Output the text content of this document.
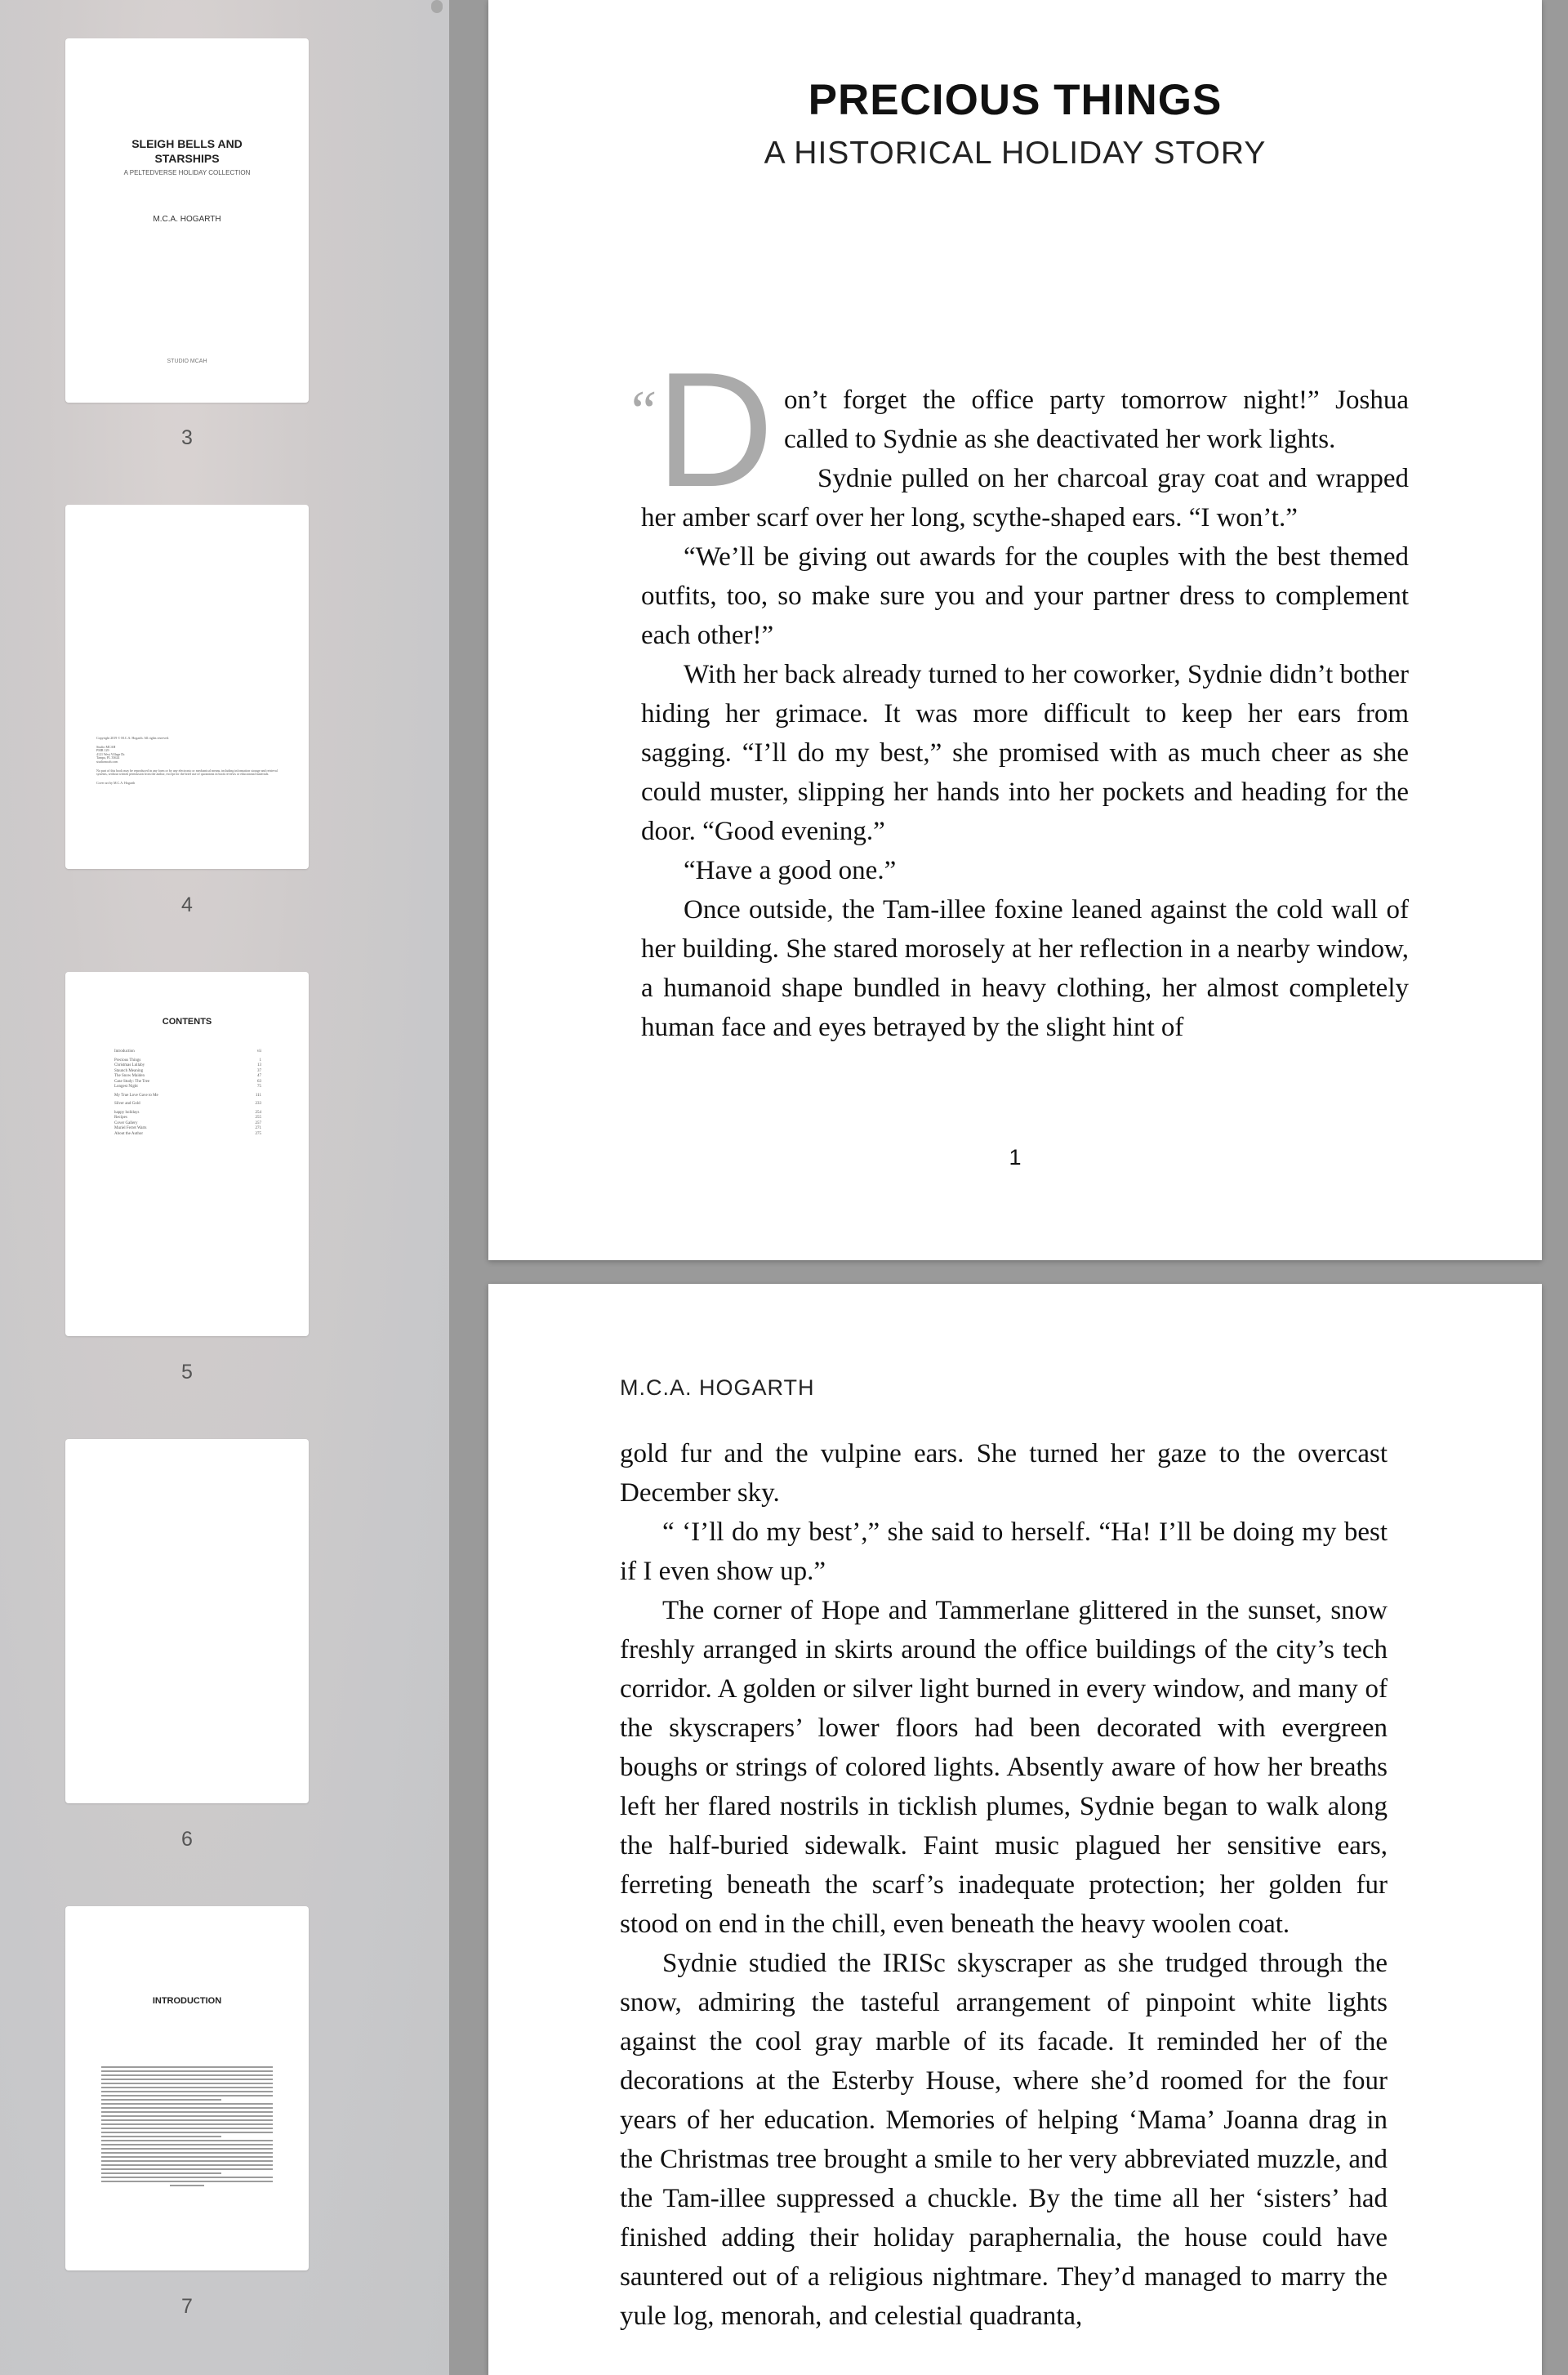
SLEIGH BELLS AND
STARSHIPS
A PELTEDVERSE HOLIDAY COLLECTION
M.C.A. HOGARTH
STUDIO MCAH
3
Copyright 2019 © M.C.A. Hogarth. All rights reserved.
Studio MCAH
PMB 129
4121 West Village Dr.
Tampa, FL 33624
studiomcah.com
No part of this book may be reproduced in any form or by any electronic or mechanical means, including information storage and retrieval systems, without written permission from the author, except for the brief use of quotations in book reviews or educational materials.
Cover art by M.C.A. Hogarth
4
CONTENTS
Introduction	vii
Precious Things	1
Christmas Lullaby	13
Staunch Meaning	37
The Snow Maiden	47
Case Study: The Tree	63
Longest Night	75
My True Love Gave to Me	111
Silver and Gold	233
happy holidays	254
Recipes	255
Cover Gallery	257
Muriel Ferret Warts	271
About the Author	275
5
6
INTRODUCTION
7
PRECIOUS THINGS
A HISTORICAL HOLIDAY STORY
“
D on’t forget the office party tomorrow night!” Joshua
called to Sydnie as she deactivated her work lights.

Sydnie pulled on her charcoal gray coat and wrapped her amber scarf over her long, scythe-shaped ears. “I won’t.”

“We’ll be giving out awards for the couples with the best themed outfits, too, so make sure you and your partner dress to complement each other!”

With her back already turned to her coworker, Sydnie didn’t bother hiding her grimace. It was more difficult to keep her ears from sagging. “I’ll do my best,” she promised with as much cheer as she could muster, slipping her hands into her pockets and heading for the door. “Good evening.”

“Have a good one.”

Once outside, the Tam-illee foxine leaned against the cold wall of her building. She stared morosely at her reflection in a nearby window, a humanoid shape bundled in heavy clothing, her almost completely human face and eyes betrayed by the slight hint of

1
M.C.A. HOGARTH

gold fur and the vulpine ears. She turned her gaze to the overcast December sky.

“ ‘I’ll do my best’,” she said to herself. “Ha! I’ll be doing my best if I even show up.”

The corner of Hope and Tammerlane glittered in the sunset, snow freshly arranged in skirts around the office buildings of the city’s tech corridor. A golden or silver light burned in every window, and many of the skyscrapers’ lower floors had been decorated with evergreen boughs or strings of colored lights. Absently aware of how her breaths left her flared nostrils in ticklish plumes, Sydnie began to walk along the half-buried sidewalk. Faint music plagued her sensitive ears, ferreting beneath the scarf’s inadequate protection; her golden fur stood on end in the chill, even beneath the heavy woolen coat.

Sydnie studied the IRISc skyscraper as she trudged through the snow, admiring the tasteful arrangement of pinpoint white lights against the cool gray marble of its facade. It reminded her of the decorations at the Esterby House, where she’d roomed for the four years of her education. Memories of helping ‘Mama’ Joanna drag in the Christmas tree brought a smile to her very abbreviated muzzle, and the Tam-illee suppressed a chuckle. By the time all her ‘sisters’ had finished adding their holiday paraphernalia, the house could have sauntered out of a religious nightmare. They’d managed to marry the yule log, menorah, and celestial quadranta,
